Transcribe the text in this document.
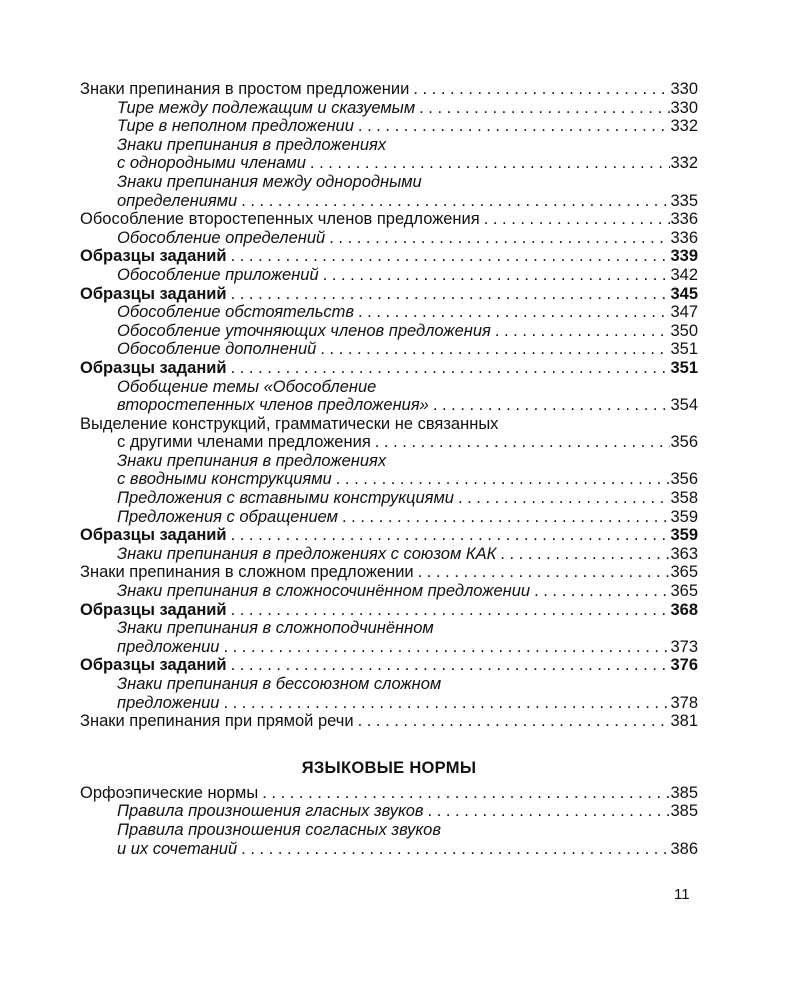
Знаки препинания в простом предложении . . .	330
Тире между подлежащим и сказуемым . . .	330
Тире в неполном предложении . . .	332
Знаки препинания в предложениях
с однородными членами . . .	332
Знаки препинания между однородными
определениями . . .	335
Обособление второстепенных членов предложения . . .	336
Обособление определений . . .	336
Образцы заданий . . .	339
Обособление приложений . . .	342
Образцы заданий . . .	345
Обособление обстоятельств . . .	347
Обособление уточняющих членов предложения . . .	350
Обособление дополнений . . .	351
Образцы заданий . . .	351
Обобщение темы «Обособление
второстепенных членов предложения» . . .	354
Выделение конструкций, грамматически не связанных
с другими членами предложения . . .	356
Знаки препинания в предложениях
с вводными конструкциями . . .	356
Предложения с вставными конструкциями . . .	358
Предложения с обращением . . .	359
Образцы заданий . . .	359
Знаки препинания в предложениях с союзом КАК . . .	363
Знаки препинания в сложном предложении . . .	365
Знаки препинания в сложносочинённом предложении . . .	365
Образцы заданий . . .	368
Знаки препинания в сложноподчинённом
предложении . . .	373
Образцы заданий . . .	376
Знаки препинания в бессоюзном сложном
предложении . . .	378
Знаки препинания при прямой речи . . .	381
ЯЗЫКОВЫЕ НОРМЫ
Орфоэпические нормы . . .	385
Правила произношения гласных звуков . . .	385
Правила произношения согласных звуков
и их сочетаний . . .	386
11
